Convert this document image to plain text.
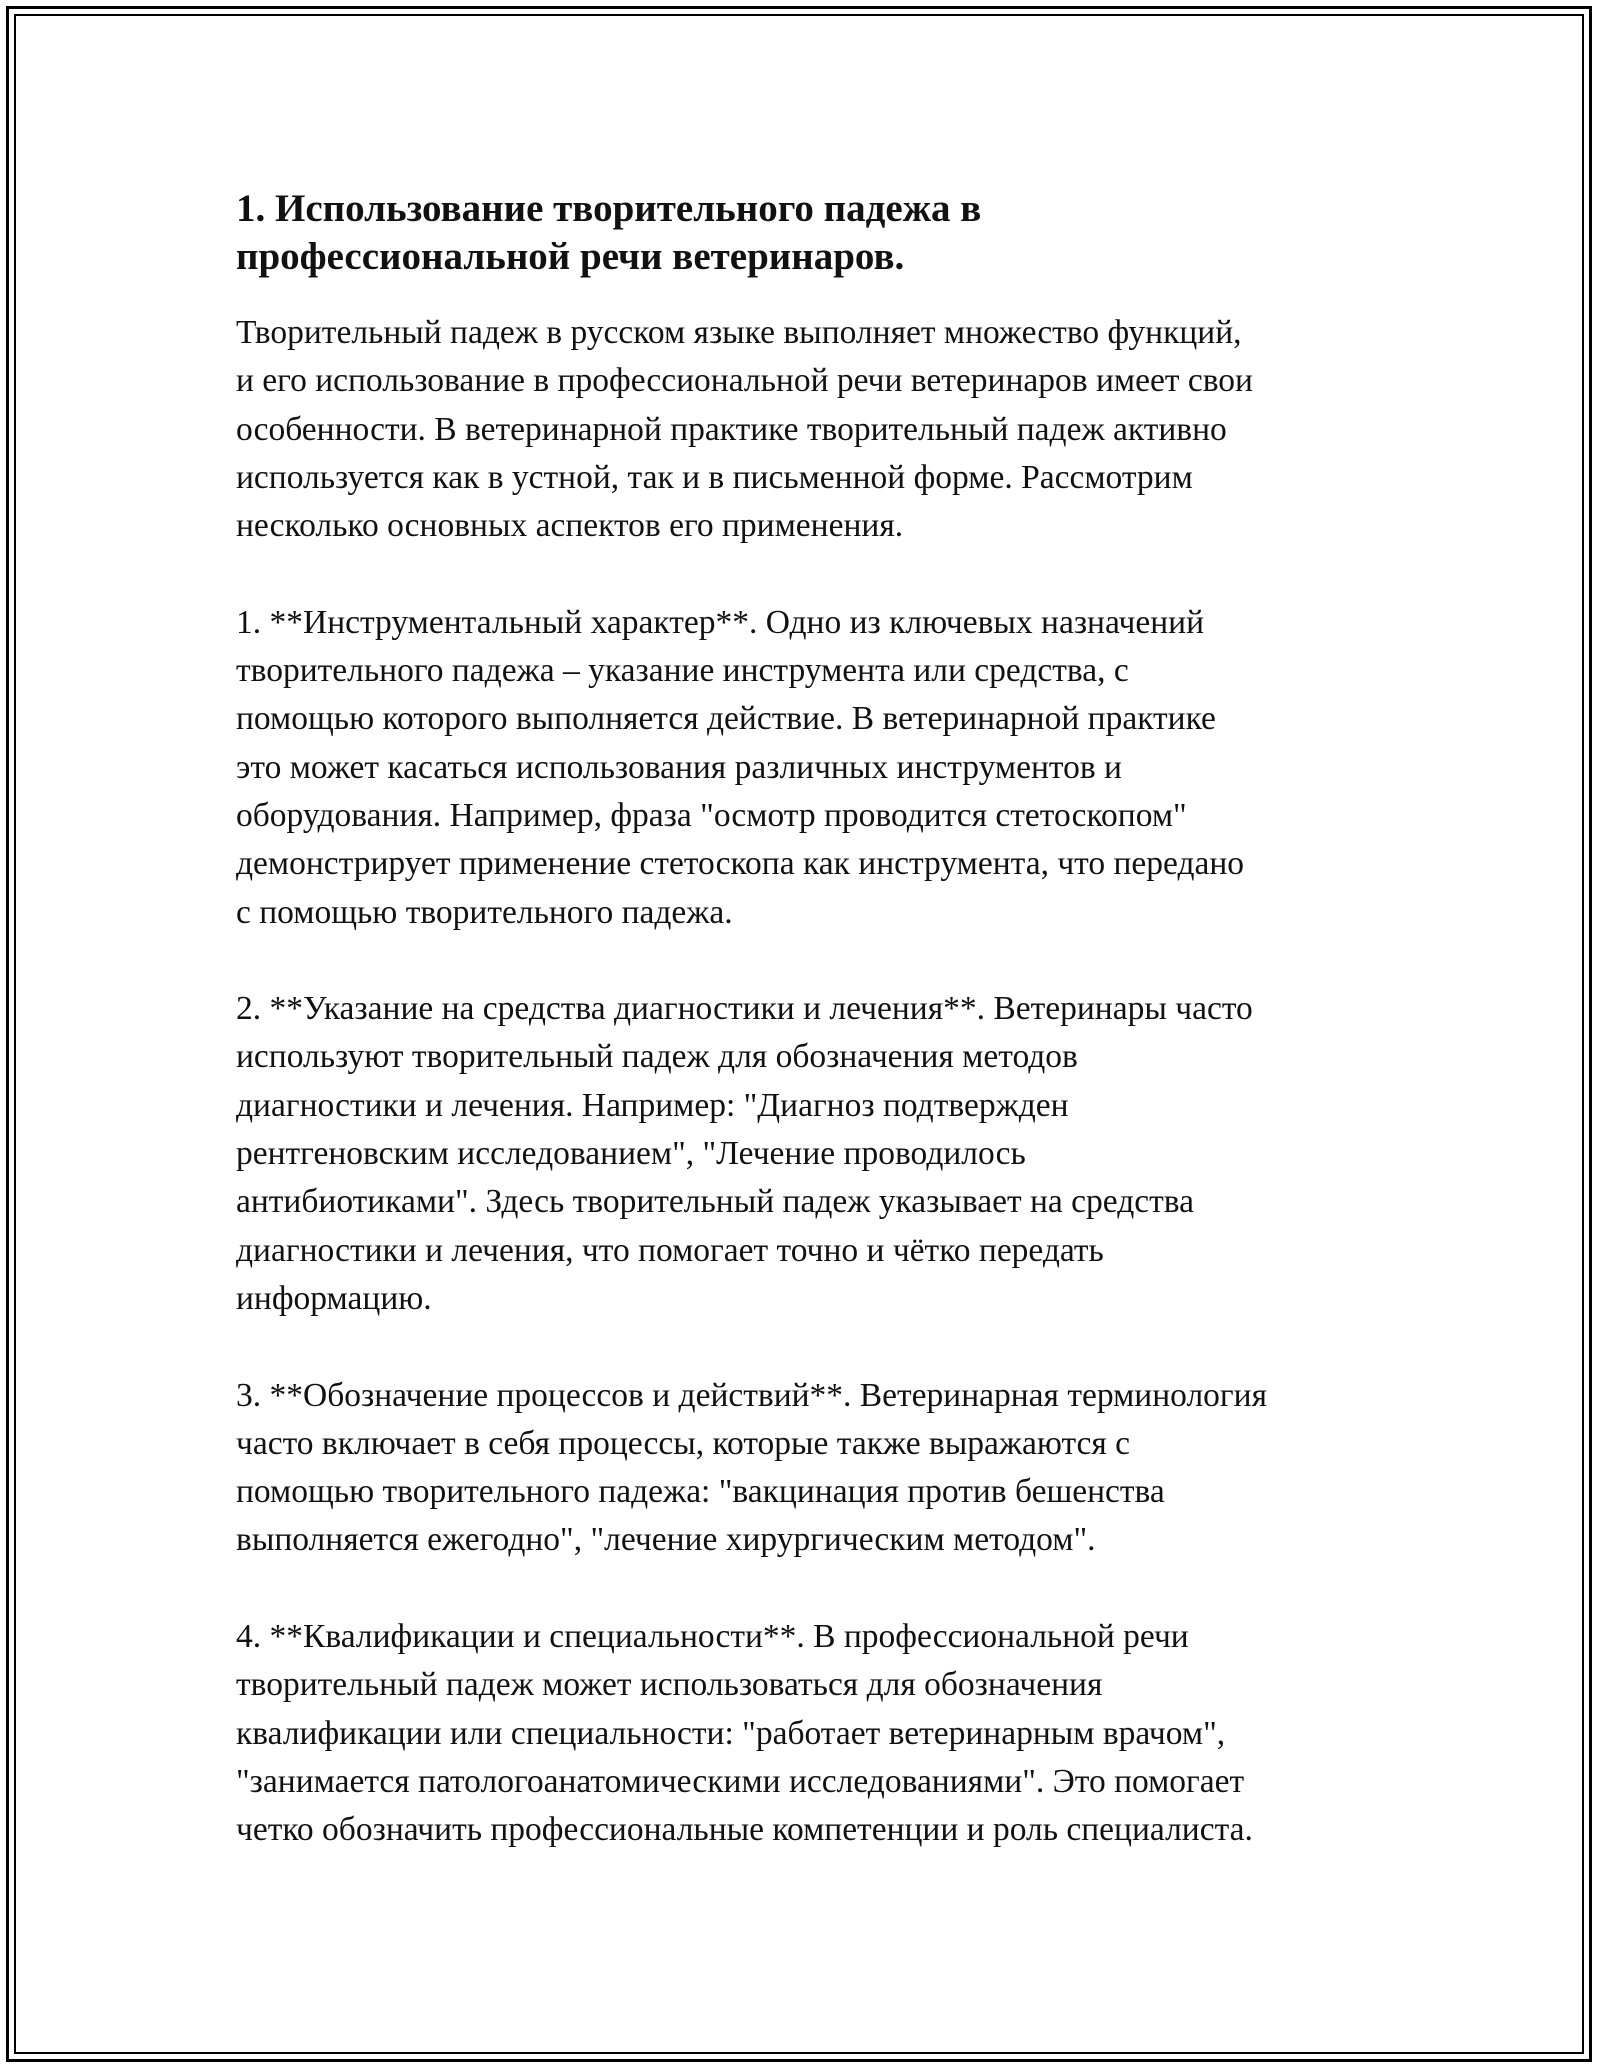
1. Использование творительного падежа в
профессиональной речи ветеринаров.

Творительный падеж в русском языке выполняет множество функций,
и его использование в профессиональной речи ветеринаров имеет свои
особенности. В ветеринарной практике творительный падеж активно
используется как в устной, так и в письменной форме. Рассмотрим
несколько основных аспектов его применения.

1. **Инструментальный характер**. Одно из ключевых назначений
творительного падежа – указание инструмента или средства, с
помощью которого выполняется действие. В ветеринарной практике
это может касаться использования различных инструментов и
оборудования. Например, фраза "осмотр проводится стетоскопом"
демонстрирует применение стетоскопа как инструмента, что передано
с помощью творительного падежа.

2. **Указание на средства диагностики и лечения**. Ветеринары часто
используют творительный падеж для обозначения методов
диагностики и лечения. Например: "Диагноз подтвержден
рентгеновским исследованием", "Лечение проводилось
антибиотиками". Здесь творительный падеж указывает на средства
диагностики и лечения, что помогает точно и чётко передать
информацию.

3. **Обозначение процессов и действий**. Ветеринарная терминология
часто включает в себя процессы, которые также выражаются с
помощью творительного падежа: "вакцинация против бешенства
выполняется ежегодно", "лечение хирургическим методом".

4. **Квалификации и специальности**. В профессиональной речи
творительный падеж может использоваться для обозначения
квалификации или специальности: "работает ветеринарным врачом",
"занимается патологоанатомическими исследованиями". Это помогает
четко обозначить профессиональные компетенции и роль специалиста.
